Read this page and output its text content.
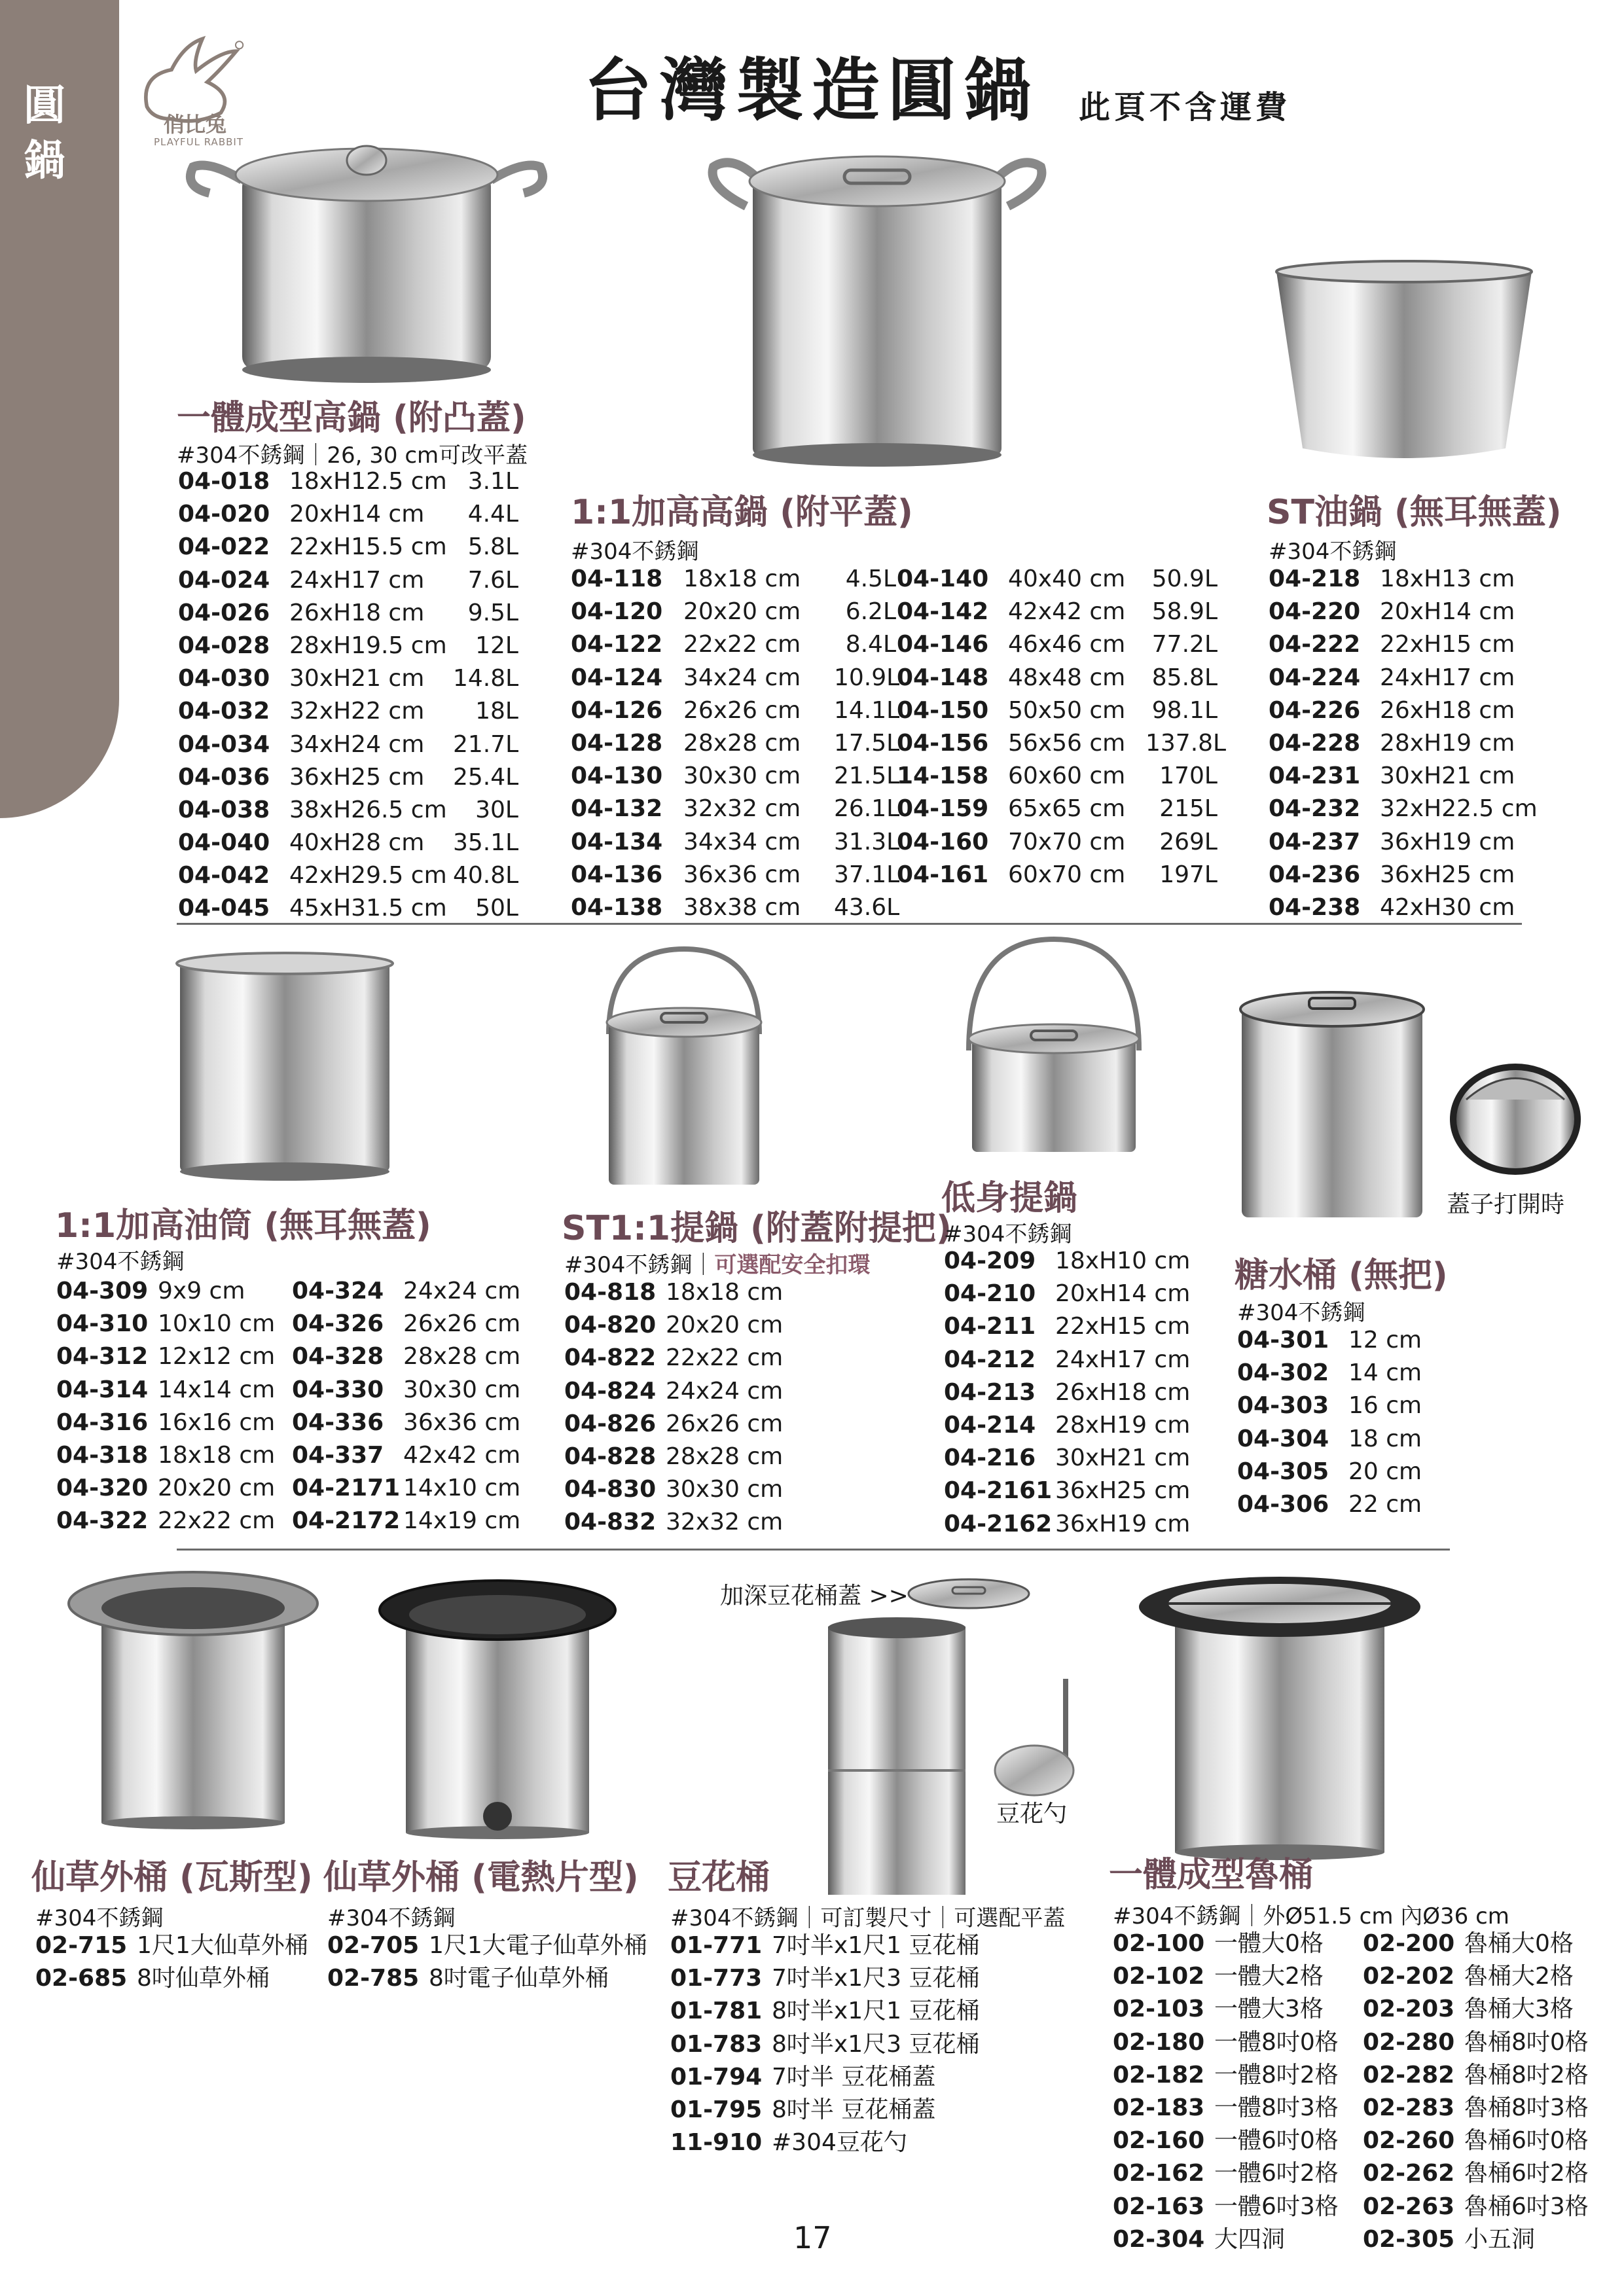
圓鍋
俏比兔
PLAYFUL RABBIT
台灣製造圓鍋 此頁不含運費
蓋子打開時
加深豆花桶蓋 >>
豆花勺
一體成型高鍋 (附凸蓋)
#304不銹鋼｜26, 30 cm可改平蓋
04-018 18xH12.5 cm 3.1L
04-020 20xH14 cm 4.4L
04-022 22xH15.5 cm 5.8L
04-024 24xH17 cm 7.6L
04-026 26xH18 cm 9.5L
04-028 28xH19.5 cm 12L
04-030 30xH21 cm 14.8L
04-032 32xH22 cm 18L
04-034 34xH24 cm 21.7L
04-036 36xH25 cm 25.4L
04-038 38xH26.5 cm 30L
04-040 40xH28 cm 35.1L
04-042 42xH29.5 cm 40.8L
04-045 45xH31.5 cm 50L
1:1加高高鍋 (附平蓋)
#304不銹鋼
04-118 18x18 cm 4.5L
04-120 20x20 cm 6.2L
04-122 22x22 cm 8.4L
04-124 34x24 cm 10.9L
04-126 26x26 cm 14.1L
04-128 28x28 cm 17.5L
04-130 30x30 cm 21.5L
04-132 32x32 cm 26.1L
04-134 34x34 cm 31.3L
04-136 36x36 cm 37.1L
04-138 38x38 cm 43.6L
04-140 40x40 cm 50.9L
04-142 42x42 cm 58.9L
04-146 46x46 cm 77.2L
04-148 48x48 cm 85.8L
04-150 50x50 cm 98.1L
04-156 56x56 cm 137.8L
14-158 60x60 cm 170L
04-159 65x65 cm 215L
04-160 70x70 cm 269L
04-161 60x70 cm 197L
ST油鍋 (無耳無蓋)
#304不銹鋼
04-218 18xH13 cm
04-220 20xH14 cm
04-222 22xH15 cm
04-224 24xH17 cm
04-226 26xH18 cm
04-228 28xH19 cm
04-231 30xH21 cm
04-232 32xH22.5 cm
04-237 36xH19 cm
04-236 36xH25 cm
04-238 42xH30 cm
1:1加高油筒 (無耳無蓋)
#304不銹鋼
04-309 9x9 cm
04-310 10x10 cm
04-312 12x12 cm
04-314 14x14 cm
04-316 16x16 cm
04-318 18x18 cm
04-320 20x20 cm
04-322 22x22 cm
04-324 24x24 cm
04-326 26x26 cm
04-328 28x28 cm
04-330 30x30 cm
04-336 36x36 cm
04-337 42x42 cm
04-2171 14x10 cm
04-2172 14x19 cm
ST1:1提鍋 (附蓋附提把)
#304不銹鋼｜可選配安全扣環
04-818 18x18 cm
04-820 20x20 cm
04-822 22x22 cm
04-824 24x24 cm
04-826 26x26 cm
04-828 28x28 cm
04-830 30x30 cm
04-832 32x32 cm
低身提鍋
#304不銹鋼
04-209 18xH10 cm
04-210 20xH14 cm
04-211 22xH15 cm
04-212 24xH17 cm
04-213 26xH18 cm
04-214 28xH19 cm
04-216 30xH21 cm
04-2161 36xH25 cm
04-2162 36xH19 cm
糖水桶 (無把)
#304不銹鋼
04-301 12 cm
04-302 14 cm
04-303 16 cm
04-304 18 cm
04-305 20 cm
04-306 22 cm
仙草外桶 (瓦斯型)
#304不銹鋼
02-715 1尺1大仙草外桶
02-685 8吋仙草外桶
仙草外桶 (電熱片型)
#304不銹鋼
02-705 1尺1大電子仙草外桶
02-785 8吋電子仙草外桶
豆花桶
#304不銹鋼｜可訂製尺寸｜可選配平蓋
01-771 7吋半x1尺1 豆花桶
01-773 7吋半x1尺3 豆花桶
01-781 8吋半x1尺1 豆花桶
01-783 8吋半x1尺3 豆花桶
01-794 7吋半 豆花桶蓋
01-795 8吋半 豆花桶蓋
11-910 #304豆花勺
一體成型魯桶
#304不銹鋼｜外Ø51.5 cm 內Ø36 cm
02-100 一體大0格
02-102 一體大2格
02-103 一體大3格
02-180 一體8吋0格
02-182 一體8吋2格
02-183 一體8吋3格
02-160 一體6吋0格
02-162 一體6吋2格
02-163 一體6吋3格
02-304 大四洞
02-200 魯桶大0格
02-202 魯桶大2格
02-203 魯桶大3格
02-280 魯桶8吋0格
02-282 魯桶8吋2格
02-283 魯桶8吋3格
02-260 魯桶6吋0格
02-262 魯桶6吋2格
02-263 魯桶6吋3格
02-305 小五洞
17
